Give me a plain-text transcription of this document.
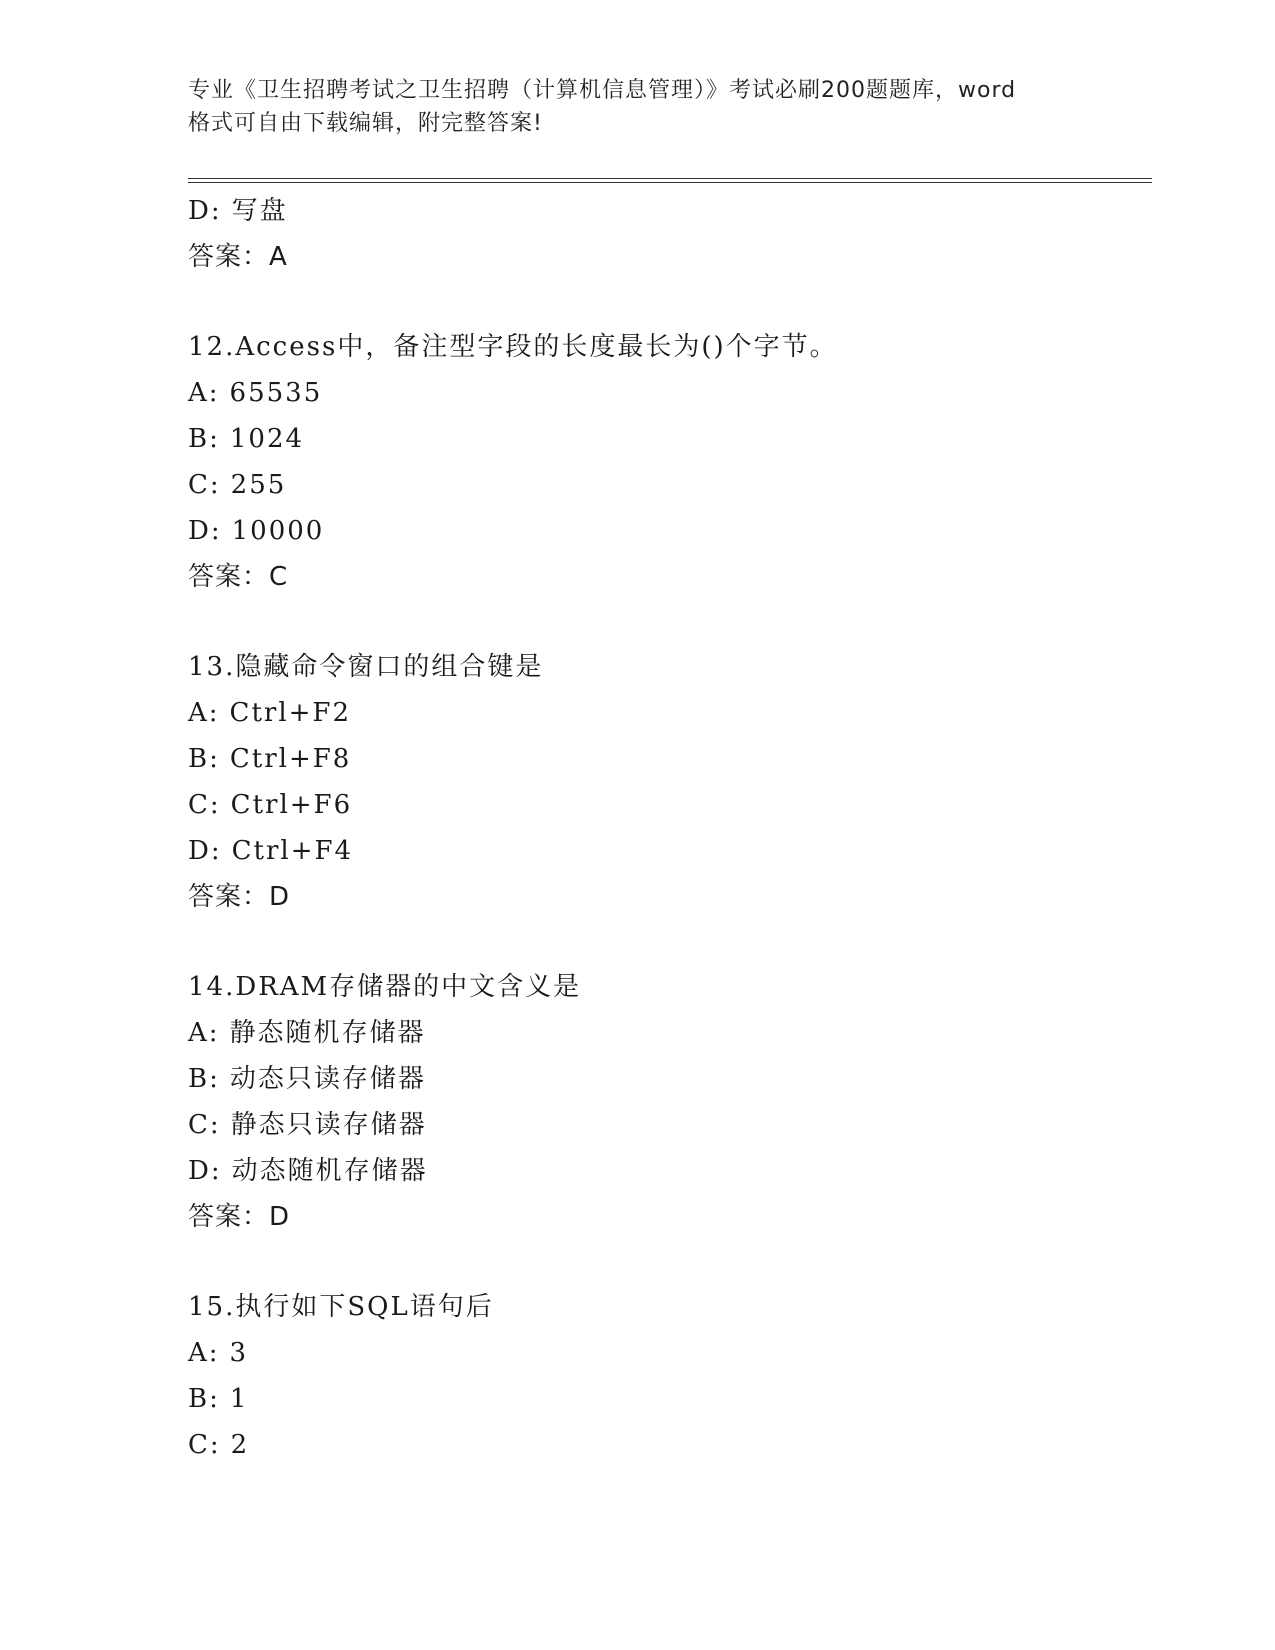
专业《卫生招聘考试之卫生招聘（计算机信息管理）》考试必刷200题题库，word
格式可自由下载编辑，附完整答案!
D: 写盘
答案：A
12.Access中，备注型字段的长度最长为()个字节。
A: 65535
B: 1024
C: 255
D: 10000
答案：C
13.隐藏命令窗口的组合键是
A: Ctrl+F2
B: Ctrl+F8
C: Ctrl+F6
D: Ctrl+F4
答案：D
14.DRAM存储器的中文含义是
A: 静态随机存储器
B: 动态只读存储器
C: 静态只读存储器
D: 动态随机存储器
答案：D
15.执行如下SQL语句后
A: 3
B: 1
C: 2
